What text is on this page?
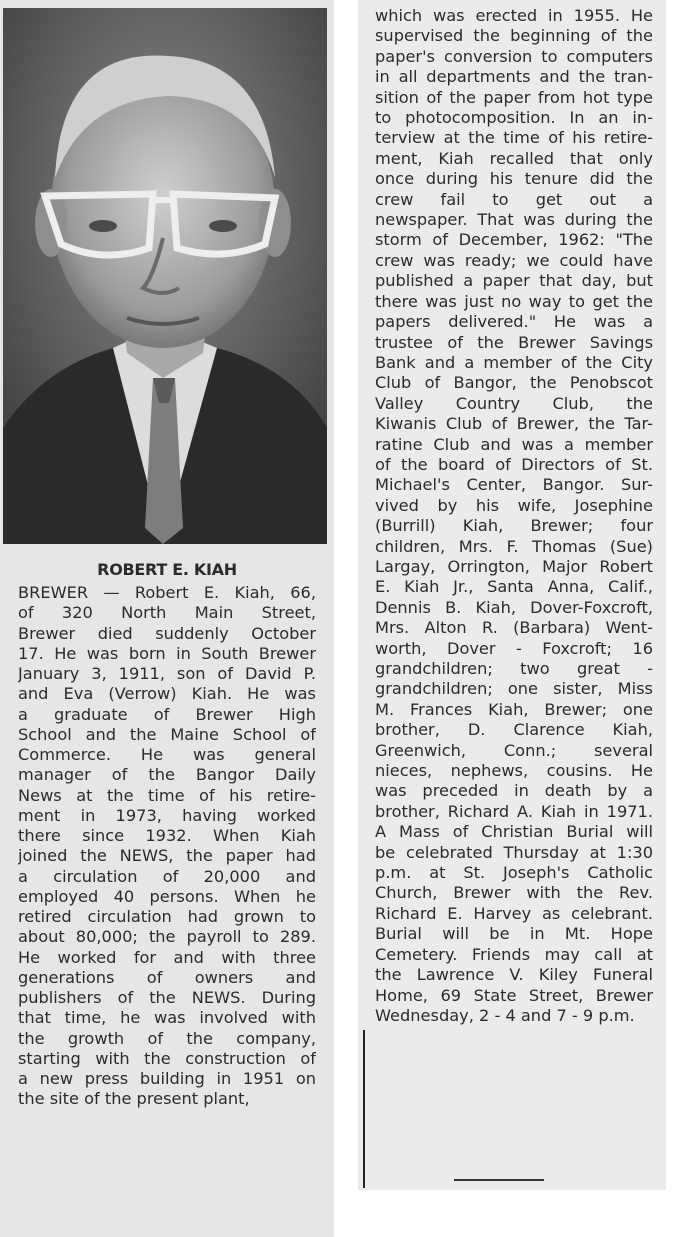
ROBERT E. KIAH
BREWER — Robert E. Kiah, 66,
of 320 North Main Street,
Brewer died suddenly October
17. He was born in South Brewer
January 3, 1911, son of David P.
and Eva (Verrow) Kiah. He was
a graduate of Brewer High
School and the Maine School of
Commerce. He was general
manager of the Bangor Daily
News at the time of his retire-
ment in 1973, having worked
there since 1932. When Kiah
joined the NEWS, the paper had
a circulation of 20,000 and
employed 40 persons. When he
retired circulation had grown to
about 80,000; the payroll to 289.
He worked for and with three
generations of owners and
publishers of the NEWS. During
that time, he was involved with
the growth of the company,
starting with the construction of
a new press building in 1951 on
the site of the present plant,
which was erected in 1955. He
supervised the beginning of the
paper's conversion to computers
in all departments and the tran-
sition of the paper from hot type
to photocomposition. In an in-
terview at the time of his retire-
ment, Kiah recalled that only
once during his tenure did the
crew fail to get out a
newspaper. That was during the
storm of December, 1962: "The
crew was ready; we could have
published a paper that day, but
there was just no way to get the
papers delivered." He was a
trustee of the Brewer Savings
Bank and a member of the City
Club of Bangor, the Penobscot
Valley Country Club, the
Kiwanis Club of Brewer, the Tar-
ratine Club and was a member
of the board of Directors of St.
Michael's Center, Bangor. Sur-
vived by his wife, Josephine
(Burrill) Kiah, Brewer; four
children, Mrs. F. Thomas (Sue)
Largay, Orrington, Major Robert
E. Kiah Jr., Santa Anna, Calif.,
Dennis B. Kiah, Dover-Foxcroft,
Mrs. Alton R. (Barbara) Went-
worth, Dover - Foxcroft; 16
grandchildren; two great -
grandchildren; one sister, Miss
M. Frances Kiah, Brewer; one
brother, D. Clarence Kiah,
Greenwich, Conn.; several
nieces, nephews, cousins. He
was preceded in death by a
brother, Richard A. Kiah in 1971.
A Mass of Christian Burial will
be celebrated Thursday at 1:30
p.m. at St. Joseph's Catholic
Church, Brewer with the Rev.
Richard E. Harvey as celebrant.
Burial will be in Mt. Hope
Cemetery. Friends may call at
the Lawrence V. Kiley Funeral
Home, 69 State Street, Brewer
Wednesday, 2 - 4 and 7 - 9 p.m.
